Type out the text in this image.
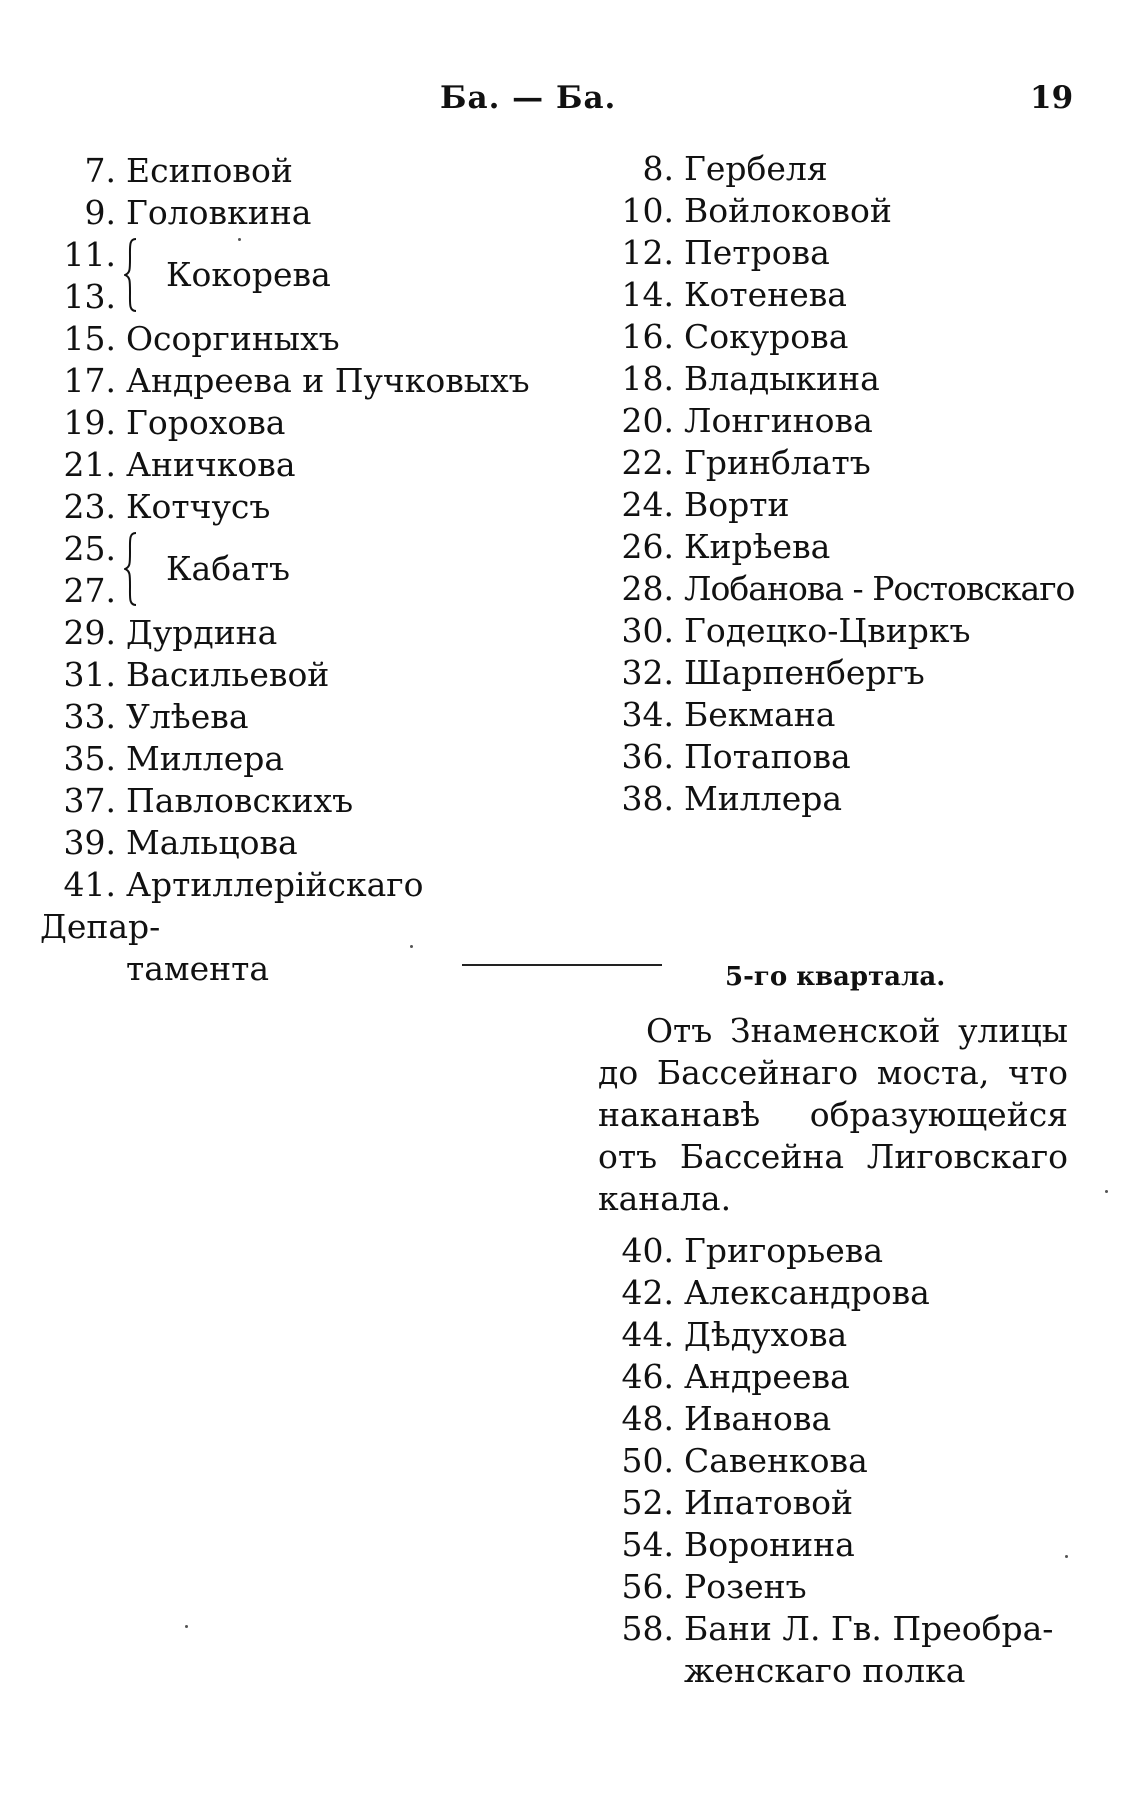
Ба. — Ба.	19
7. Есиповой
9. Головкина
11.
13.
Кокорева
15. Осоргиныхъ
17. Андреева и Пучковыхъ
19. Горохова
21. Аничкова
23. Котчусъ
25.
27.
Кабатъ
29. Дурдина
31. Васильевой
33. Улѣева
35. Миллера
37. Павловскихъ
39. Мальцова
41. Артиллерійскаго Депар-
тамента
8. Гербеля
10. Войлоковой
12. Петрова
14. Котенева
16. Сокурова
18. Владыкина
20. Лонгинова
22. Гринблатъ
24. Ворти
26. Кирѣева
28. Лобанова - Ростовскаго
30. Годецко-Цвиркъ
32. Шарпенбергъ
34. Бекмана
36. Потапова
38. Миллера
5-го квартала.
Отъ Знаменской улицы до Бассейнаго моста, что наканавѣ образующейся отъ Бассейна Лиговскаго канала.
40. Григорьева
42. Александрова
44. Дѣдухова
46. Андреева
48. Иванова
50. Савенкова
52. Ипатовой
54. Воронина
56. Розенъ
58. Бани Л. Гв. Преобра-
женскаго полка
